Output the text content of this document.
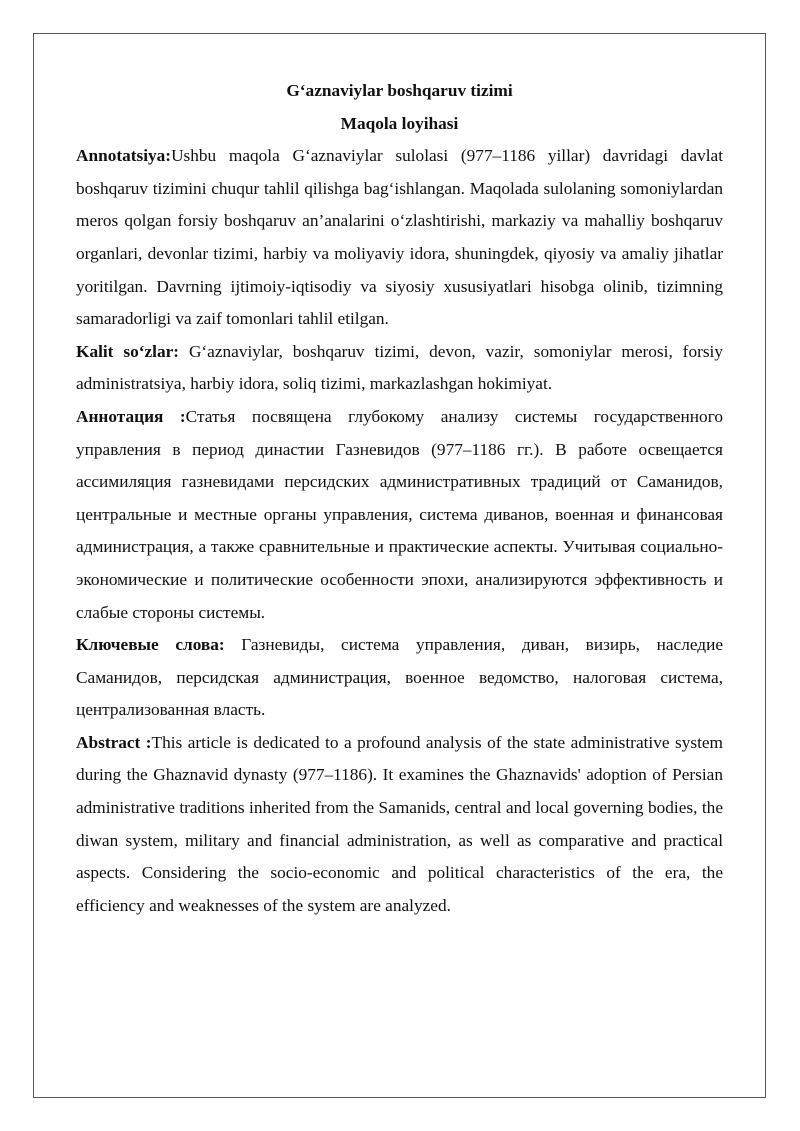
G‘aznaviylar boshqaruv tizimi

Maqola loyihasi

Annotatsiya:Ushbu maqola G‘aznaviylar sulolasi (977–1186 yillar) davridagi davlat boshqaruv tizimini chuqur tahlil qilishga bag‘ishlangan. Maqolada sulolaning somoniylardan meros qolgan forsiy boshqaruv an’analarini o‘zlashtirishi, markaziy va mahalliy boshqaruv organlari, devonlar tizimi, harbiy va moliyaviy idora, shuningdek, qiyosiy va amaliy jihatlar yoritilgan. Davrning ijtimoiy-iqtisodiy va siyosiy xususiyatlari hisobga olinib, tizimning samaradorligi va zaif tomonlari tahlil etilgan.

Kalit so‘zlar: G‘aznaviylar, boshqaruv tizimi, devon, vazir, somoniylar merosi, forsiy administratsiya, harbiy idora, soliq tizimi, markazlashgan hokimiyat.

Аннотация :Статья посвящена глубокому анализу системы государственного управления в период династии Газневидов (977–1186 гг.). В работе освещается ассимиляция газневидами персидских административных традиций от Саманидов, центральные и местные органы управления, система диванов, военная и финансовая администрация, а также сравнительные и практические аспекты. Учитывая социально-экономические и политические особенности эпохи, анализируются эффективность и слабые стороны системы.

Ключевые слова: Газневиды, система управления, диван, визирь, наследие Саманидов, персидская администрация, военное ведомство, налоговая система, централизованная власть.

Abstract :This article is dedicated to a profound analysis of the state administrative system during the Ghaznavid dynasty (977–1186). It examines the Ghaznavids' adoption of Persian administrative traditions inherited from the Samanids, central and local governing bodies, the diwan system, military and financial administration, as well as comparative and practical aspects. Considering the socio-economic and political characteristics of the era, the efficiency and weaknesses of the system are analyzed.
